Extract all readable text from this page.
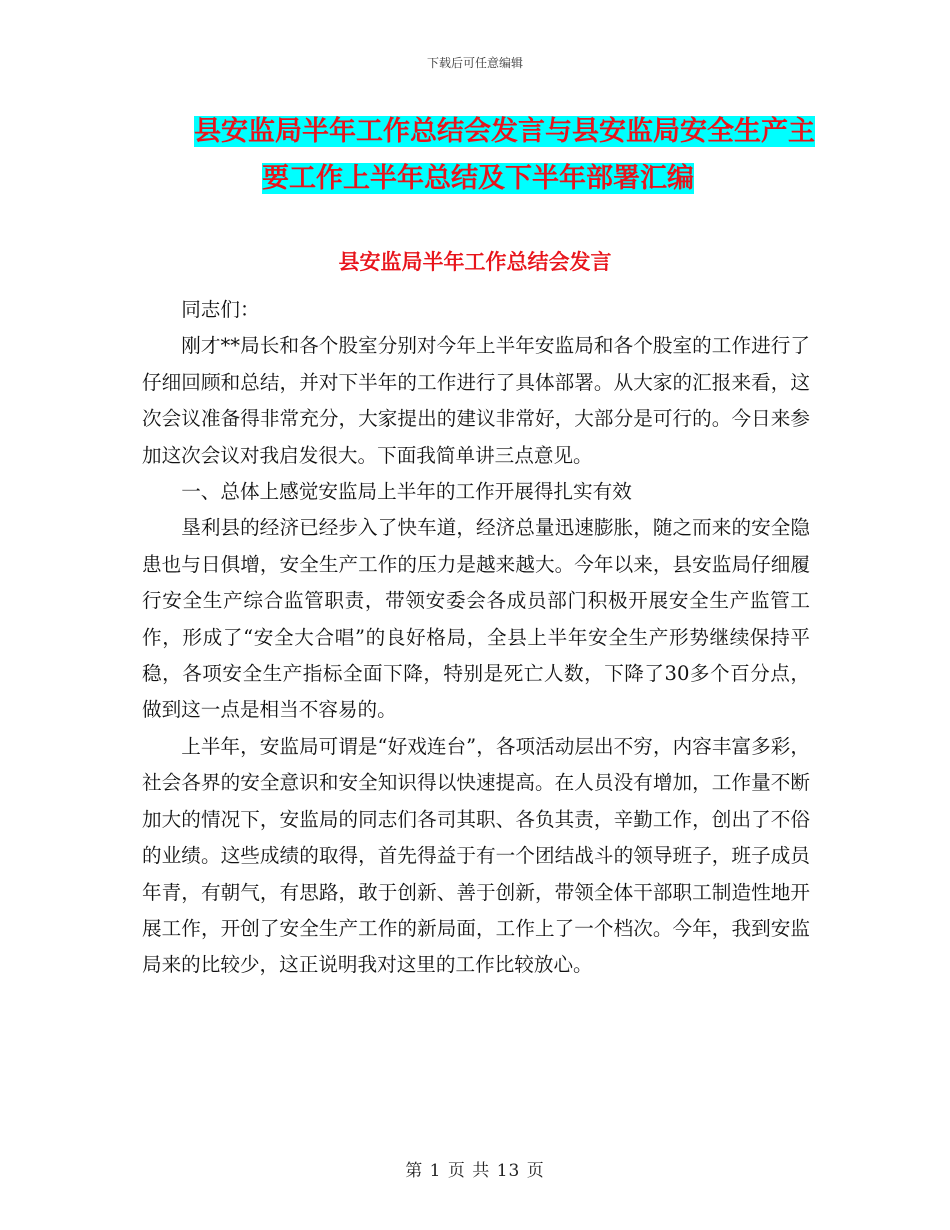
下载后可任意编辑
县安监局半年工作总结会发言与县安监局安全生产主
要工作上半年总结及下半年部署汇编
县安监局半年工作总结会发言

同志们：

刚才**局长和各个股室分别对今年上半年安监局和各个股室的工作进行了仔细回顾和总结，并对下半年的工作进行了具体部署。从大家的汇报来看，这次会议准备得非常充分，大家提出的建议非常好，大部分是可行的。今日来参加这次会议对我启发很大。下面我简单讲三点意见。

一、总体上感觉安监局上半年的工作开展得扎实有效

垦利县的经济已经步入了快车道，经济总量迅速膨胀，随之而来的安全隐患也与日俱增，安全生产工作的压力是越来越大。今年以来，县安监局仔细履行安全生产综合监管职责，带领安委会各成员部门积极开展安全生产监管工作，形成了“安全大合唱”的良好格局，全县上半年安全生产形势继续保持平稳，各项安全生产指标全面下降，特别是死亡人数，下降了30多个百分点，做到这一点是相当不容易的。

上半年，安监局可谓是“好戏连台”，各项活动层出不穷，内容丰富多彩，社会各界的安全意识和安全知识得以快速提高。在人员没有增加，工作量不断加大的情况下，安监局的同志们各司其职、各负其责，辛勤工作，创出了不俗的业绩。这些成绩的取得，首先得益于有一个团结战斗的领导班子，班子成员年青，有朝气，有思路，敢于创新、善于创新，带领全体干部职工制造性地开展工作，开创了安全生产工作的新局面，工作上了一个档次。今年，我到安监局来的比较少，这正说明我对这里的工作比较放心。

第 1 页 共 13 页
